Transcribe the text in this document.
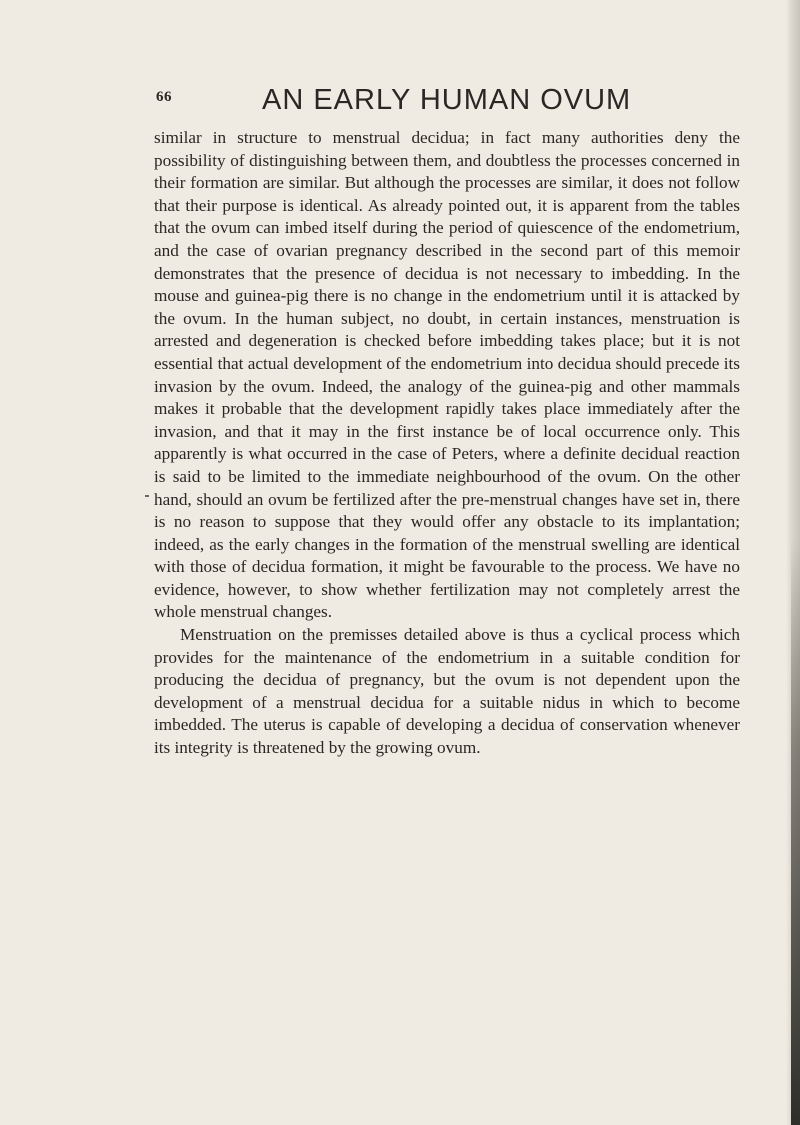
66	AN EARLY HUMAN OVUM

similar in structure to menstrual decidua; in fact many authorities deny the possibility of distinguishing between them, and doubtless the processes concerned in their formation are similar. But although the processes are similar, it does not follow that their purpose is identical. As already pointed out, it is apparent from the tables that the ovum can imbed itself during the period of quiescence of the endometrium, and the case of ovarian pregnancy described in the second part of this memoir demonstrates that the presence of decidua is not necessary to imbedding. In the mouse and guinea-pig there is no change in the endometrium until it is attacked by the ovum. In the human subject, no doubt, in certain instances, menstruation is arrested and degeneration is checked before imbedding takes place; but it is not essential that actual development of the endometrium into decidua should precede its invasion by the ovum. Indeed, the analogy of the guinea-pig and other mammals makes it probable that the development rapidly takes place immediately after the invasion, and that it may in the first instance be of local occurrence only. This apparently is what occurred in the case of Peters, where a definite decidual reaction is said to be limited to the immediate neighbourhood of the ovum. On the other hand, should an ovum be fertilized after the pre-menstrual changes have set in, there is no reason to suppose that they would offer any obstacle to its implantation; indeed, as the early changes in the formation of the menstrual swelling are identical with those of decidua formation, it might be favourable to the process. We have no evidence, however, to show whether fertilization may not completely arrest the whole menstrual changes.

Menstruation on the premisses detailed above is thus a cyclical process which provides for the maintenance of the endometrium in a suitable condition for producing the decidua of pregnancy, but the ovum is not dependent upon the development of a menstrual decidua for a suitable nidus in which to become imbedded. The uterus is capable of developing a decidua of conservation whenever its integrity is threatened by the growing ovum.
